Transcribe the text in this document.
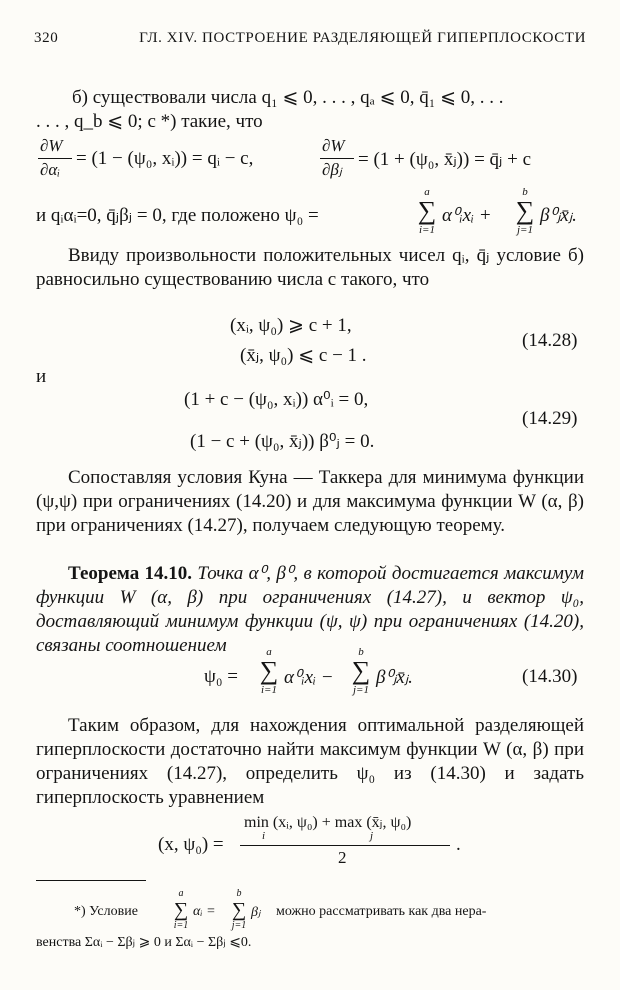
320	ГЛ. XIV. ПОСТРОЕНИЕ РАЗДЕЛЯЮЩЕЙ ГИПЕРПЛОСКОСТИ
б) существовали числа q₁ ⩽ 0, . . . , qₐ ⩽ 0, q̄₁ ⩽ 0, . . .
. . . , q_b ⩽ 0; c *) такие, что
∂W
∂αᵢ
= (1 − (ψ₀, xᵢ)) = qᵢ − c,
∂W
∂βⱼ = (1 + (ψ₀, x̄ⱼ)) = q̄ⱼ + c
и qᵢαᵢ=0, q̄ⱼβⱼ = 0, где положено ψ₀ =
a
∑
i=1
α⁰ᵢxᵢ +
b
∑
j=1
β⁰ⱼx̄ⱼ.
Ввиду произвольности положительных чисел qᵢ, q̄ⱼ условие б) равносильно существованию числа c такого, что
(xᵢ, ψ₀) ⩾ c + 1,
(x̄ⱼ, ψ₀) ⩽ c − 1 .
(14.28)
и
(1 + c − (ψ₀, xᵢ)) α⁰ᵢ = 0,
(1 − c + (ψ₀, x̄ⱼ)) β⁰ⱼ = 0.
(14.29)
Сопоставляя условия Куна — Таккера для минимума функции (ψ,ψ) при ограничениях (14.20) и для максимума функции W (α, β) при ограничениях (14.27), получаем следующую теорему.
Теорема 14.10. Точка α⁰, β⁰, в которой достигается максимум функции W (α, β) при ограничениях (14.27), и вектор ψ₀, доставляющий минимум функции (ψ, ψ) при ограничениях (14.20), связаны соотношением
ψ₀ =
a
∑
i=1
α⁰ᵢxᵢ −
b
∑
j=1
β⁰ⱼx̄ⱼ.	(14.30)
Таким образом, для нахождения оптимальной разделяющей гиперплоскости достаточно найти максимум функции W (α, β) при ограничениях (14.27), определить ψ₀ из (14.30) и задать гиперплоскость уравнением
(x, ψ₀) =
min (xᵢ, ψ₀) + max (x̄ⱼ, ψ₀)
i	j
2
.
*) Условие
a
∑
i=1
αᵢ =
b
∑
j=1
βⱼ можно рассматривать как два нера-
венства Σαᵢ − Σβⱼ ⩾ 0 и Σαᵢ − Σβⱼ ⩽0.
